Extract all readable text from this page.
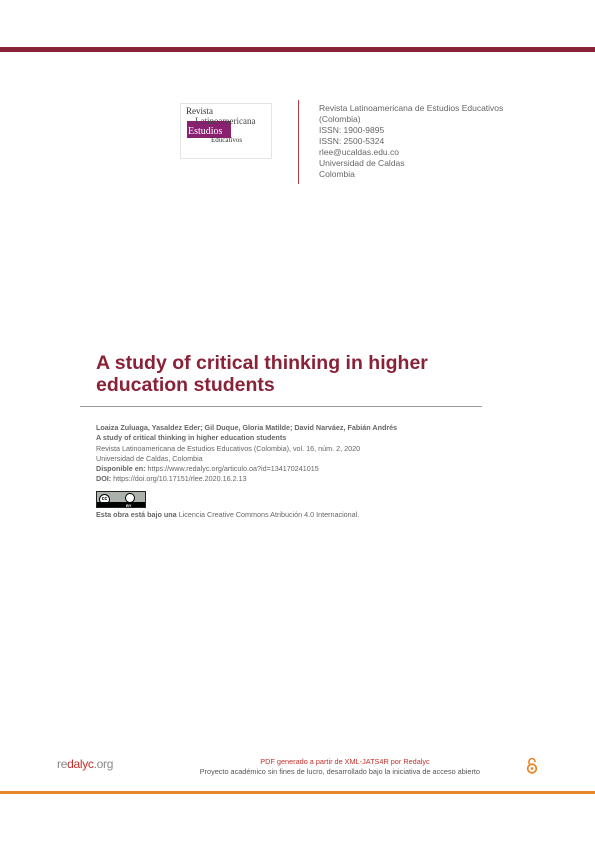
Revista
Latinoamericana
Estudios
Educativos
Revista Latinoamericana de Estudios Educativos
(Colombia)
ISSN: 1900-9895
ISSN: 2500-5324
rlee@ucaldas.edu.co
Universidad de Caldas
Colombia
A study of critical thinking in higher education students
Loaiza Zuluaga, Yasaldez Eder; Gil Duque, Gloria Matilde; David Narváez, Fabián Andrés
A study of critical thinking in higher education students
Revista Latinoamericana de Estudios Educativos (Colombia), vol. 16, núm. 2, 2020
Universidad de Caldas, Colombia
Disponible en: https://www.redalyc.org/articulo.oa?id=134170241015
DOI: https://doi.org/10.17151/rlee.2020.16.2.13
cc
BY
Esta obra está bajo una Licencia Creative Commons Atribución 4.0 Internacional.
redalyc.org	PDF generado a partir de XML-JATS4R por Redalyc
Proyecto académico sin fines de lucro, desarrollado bajo la iniciativa de acceso abierto
